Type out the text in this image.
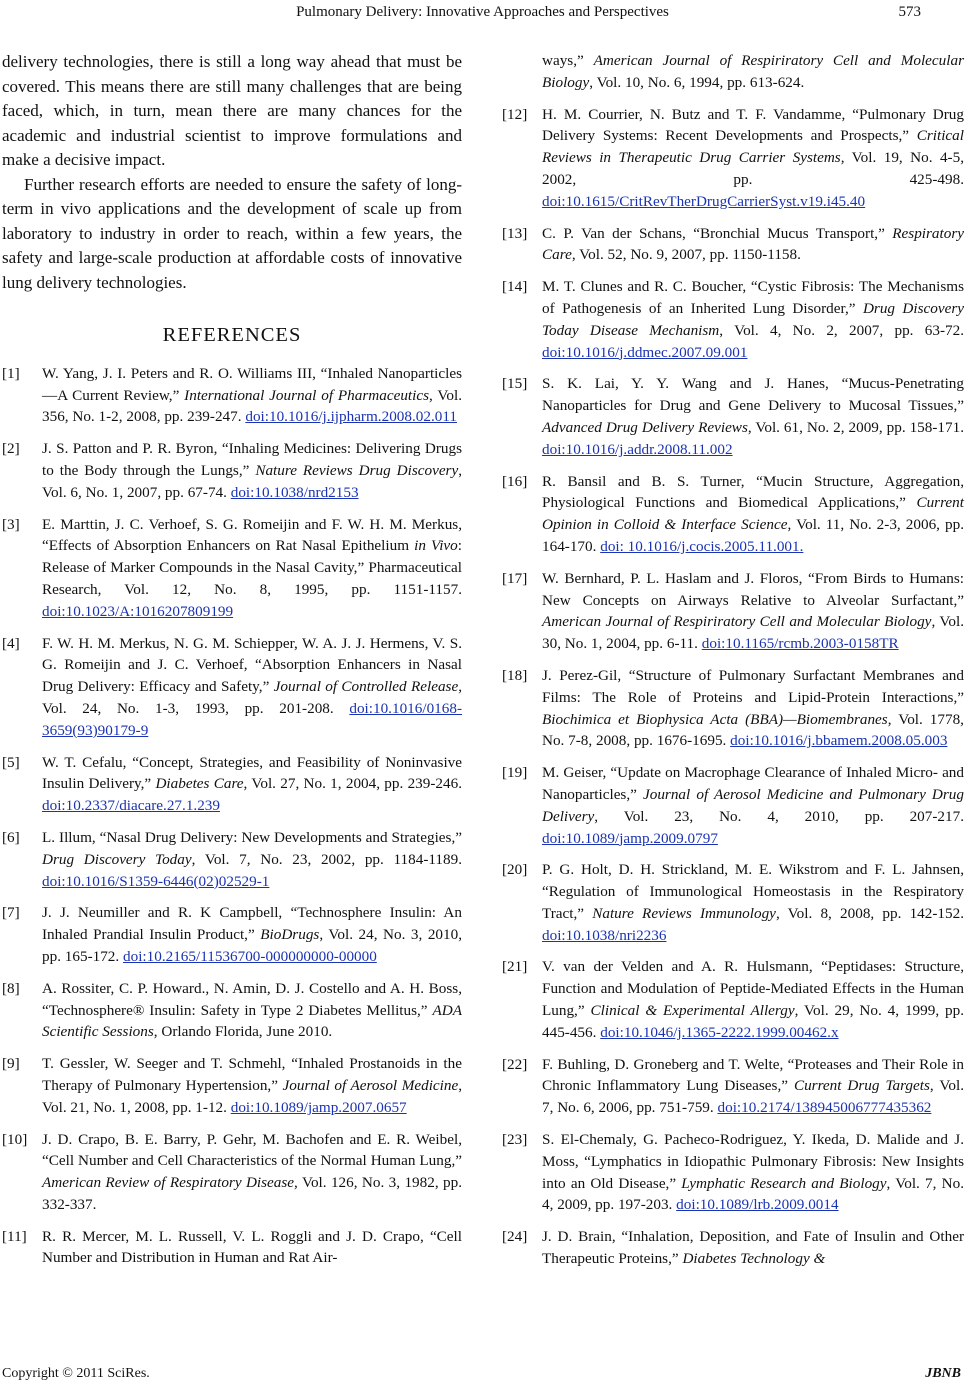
Pulmonary Delivery: Innovative Approaches and Perspectives	573

delivery technologies, there is still a long way ahead that must be covered. This means there are still many challenges that are being faced, which, in turn, mean there are many chances for the academic and industrial scientist to improve formulations and make a decisive impact.

Further research efforts are needed to ensure the safety of long-term in vivo applications and the development of scale up from laboratory to industry in order to reach, within a few years, the safety and large-scale production at affordable costs of innovative lung delivery technologies.

REFERENCES
[1] W. Yang, J. I. Peters and R. O. Williams III, “Inhaled Nanoparticles—A Current Review,” International Journal of Pharmaceutics, Vol. 356, No. 1-2, 2008, pp. 239-247. doi:10.1016/j.ijpharm.2008.02.011
[2] J. S. Patton and P. R. Byron, “Inhaling Medicines: Delivering Drugs to the Body through the Lungs,” Nature Reviews Drug Discovery, Vol. 6, No. 1, 2007, pp. 67-74. doi:10.1038/nrd2153
[3] E. Marttin, J. C. Verhoef, S. G. Romeijin and F. W. H. M. Merkus, “Effects of Absorption Enhancers on Rat Nasal Epithelium in Vivo: Release of Marker Compounds in the Nasal Cavity,” Pharmaceutical Research, Vol. 12, No. 8, 1995, pp. 1151-1157. doi:10.1023/A:1016207809199
[4] F. W. H. M. Merkus, N. G. M. Schiepper, W. A. J. J. Hermens, V. S. G. Romeijin and J. C. Verhoef, “Absorption Enhancers in Nasal Drug Delivery: Efficacy and Safety,” Journal of Controlled Release, Vol. 24, No. 1-3, 1993, pp. 201-208. doi:10.1016/0168-3659(93)90179-9
[5] W. T. Cefalu, “Concept, Strategies, and Feasibility of Noninvasive Insulin Delivery,” Diabetes Care, Vol. 27, No. 1, 2004, pp. 239-246. doi:10.2337/diacare.27.1.239
[6] L. Illum, “Nasal Drug Delivery: New Developments and Strategies,” Drug Discovery Today, Vol. 7, No. 23, 2002, pp. 1184-1189. doi:10.1016/S1359-6446(02)02529-1
[7] J. J. Neumiller and R. K Campbell, “Technosphere Insulin: An Inhaled Prandial Insulin Product,” BioDrugs, Vol. 24, No. 3, 2010, pp. 165-172. doi:10.2165/11536700-000000000-00000
[8] A. Rossiter, C. P. Howard., N. Amin, D. J. Costello and A. H. Boss, “Technosphere® Insulin: Safety in Type 2 Diabetes Mellitus,” ADA Scientific Sessions, Orlando Florida, June 2010.
[9] T. Gessler, W. Seeger and T. Schmehl, “Inhaled Prostanoids in the Therapy of Pulmonary Hypertension,” Journal of Aerosol Medicine, Vol. 21, No. 1, 2008, pp. 1-12. doi:10.1089/jamp.2007.0657
[10] J. D. Crapo, B. E. Barry, P. Gehr, M. Bachofen and E. R. Weibel, “Cell Number and Cell Characteristics of the Normal Human Lung,” American Review of Respiratory Disease, Vol. 126, No. 3, 1982, pp. 332-337.
[11] R. R. Mercer, M. L. Russell, V. L. Roggli and J. D. Crapo, “Cell Number and Distribution in Human and Rat Air-
ways,” American Journal of Respiriratory Cell and Molecular Biology, Vol. 10, No. 6, 1994, pp. 613-624.
[12] H. M. Courrier, N. Butz and T. F. Vandamme, “Pulmonary Drug Delivery Systems: Recent Developments and Prospects,” Critical Reviews in Therapeutic Drug Carrier Systems, Vol. 19, No. 4-5, 2002, pp. 425-498. doi:10.1615/CritRevTherDrugCarrierSyst.v19.i45.40
[13] C. P. Van der Schans, “Bronchial Mucus Transport,” Respiratory Care, Vol. 52, No. 9, 2007, pp. 1150-1158.
[14] M. T. Clunes and R. C. Boucher, “Cystic Fibrosis: The Mechanisms of Pathogenesis of an Inherited Lung Disorder,” Drug Discovery Today Disease Mechanism, Vol. 4, No. 2, 2007, pp. 63-72. doi:10.1016/j.ddmec.2007.09.001
[15] S. K. Lai, Y. Y. Wang and J. Hanes, “Mucus-Penetrating Nanoparticles for Drug and Gene Delivery to Mucosal Tissues,” Advanced Drug Delivery Reviews, Vol. 61, No. 2, 2009, pp. 158-171. doi:10.1016/j.addr.2008.11.002
[16] R. Bansil and B. S. Turner, “Mucin Structure, Aggregation, Physiological Functions and Biomedical Applications,” Current Opinion in Colloid & Interface Science, Vol. 11, No. 2-3, 2006, pp. 164-170. doi: 10.1016/j.cocis.2005.11.001.
[17] W. Bernhard, P. L. Haslam and J. Floros, “From Birds to Humans: New Concepts on Airways Relative to Alveolar Surfactant,” American Journal of Respiriratory Cell and Molecular Biology, Vol. 30, No. 1, 2004, pp. 6-11. doi:10.1165/rcmb.2003-0158TR
[18] J. Perez-Gil, “Structure of Pulmonary Surfactant Membranes and Films: The Role of Proteins and Lipid-Protein Interactions,” Biochimica et Biophysica Acta (BBA)—Biomembranes, Vol. 1778, No. 7-8, 2008, pp. 1676-1695. doi:10.1016/j.bbamem.2008.05.003
[19] M. Geiser, “Update on Macrophage Clearance of Inhaled Micro- and Nanoparticles,” Journal of Aerosol Medicine and Pulmonary Drug Delivery, Vol. 23, No. 4, 2010, pp. 207-217. doi:10.1089/jamp.2009.0797
[20] P. G. Holt, D. H. Strickland, M. E. Wikstrom and F. L. Jahnsen, “Regulation of Immunological Homeostasis in the Respiratory Tract,” Nature Reviews Immunology, Vol. 8, 2008, pp. 142-152. doi:10.1038/nri2236
[21] V. van der Velden and A. R. Hulsmann, “Peptidases: Structure, Function and Modulation of Peptide-Mediated Effects in the Human Lung,” Clinical & Experimental Allergy, Vol. 29, No. 4, 1999, pp. 445-456. doi:10.1046/j.1365-2222.1999.00462.x
[22] F. Buhling, D. Groneberg and T. Welte, “Proteases and Their Role in Chronic Inflammatory Lung Diseases,” Current Drug Targets, Vol. 7, No. 6, 2006, pp. 751-759. doi:10.2174/138945006777435362
[23] S. El-Chemaly, G. Pacheco-Rodriguez, Y. Ikeda, D. Malide and J. Moss, “Lymphatics in Idiopathic Pulmonary Fibrosis: New Insights into an Old Disease,” Lymphatic Research and Biology, Vol. 7, No. 4, 2009, pp. 197-203. doi:10.1089/lrb.2009.0014
[24] J. D. Brain, “Inhalation, Deposition, and Fate of Insulin and Other Therapeutic Proteins,” Diabetes Technology &
Copyright © 2011 SciRes.	JBNB
